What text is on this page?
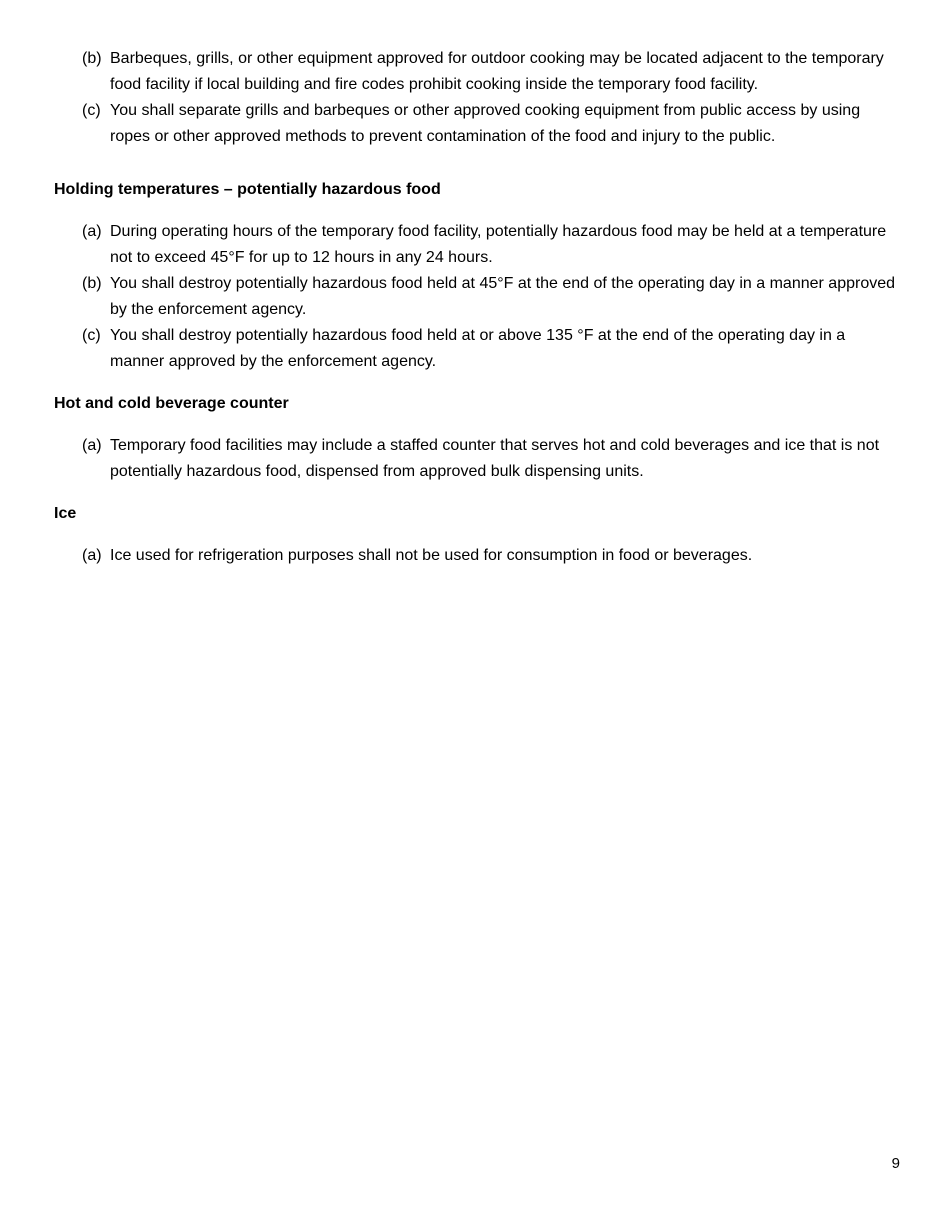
(b) Barbeques, grills, or other equipment approved for outdoor cooking may be located adjacent to the temporary food facility if local building and fire codes prohibit cooking inside the temporary food facility.
(c) You shall separate grills and barbeques or other approved cooking equipment from public access by using ropes or other approved methods to prevent contamination of the food and injury to the public.
Holding temperatures – potentially hazardous food
(a) During operating hours of the temporary food facility, potentially hazardous food may be held at a temperature not to exceed 45°F for up to 12 hours in any 24 hours.
(b) You shall destroy potentially hazardous food held at 45°F at the end of the operating day in a manner approved by the enforcement agency.
(c) You shall destroy potentially hazardous food held at or above 135 °F at the end of the operating day in a manner approved by the enforcement agency.
Hot and cold beverage counter
(a) Temporary food facilities may include a staffed counter that serves hot and cold beverages and ice that is not potentially hazardous food, dispensed from approved bulk dispensing units.
Ice
(a) Ice used for refrigeration purposes shall not be used for consumption in food or beverages.
9
